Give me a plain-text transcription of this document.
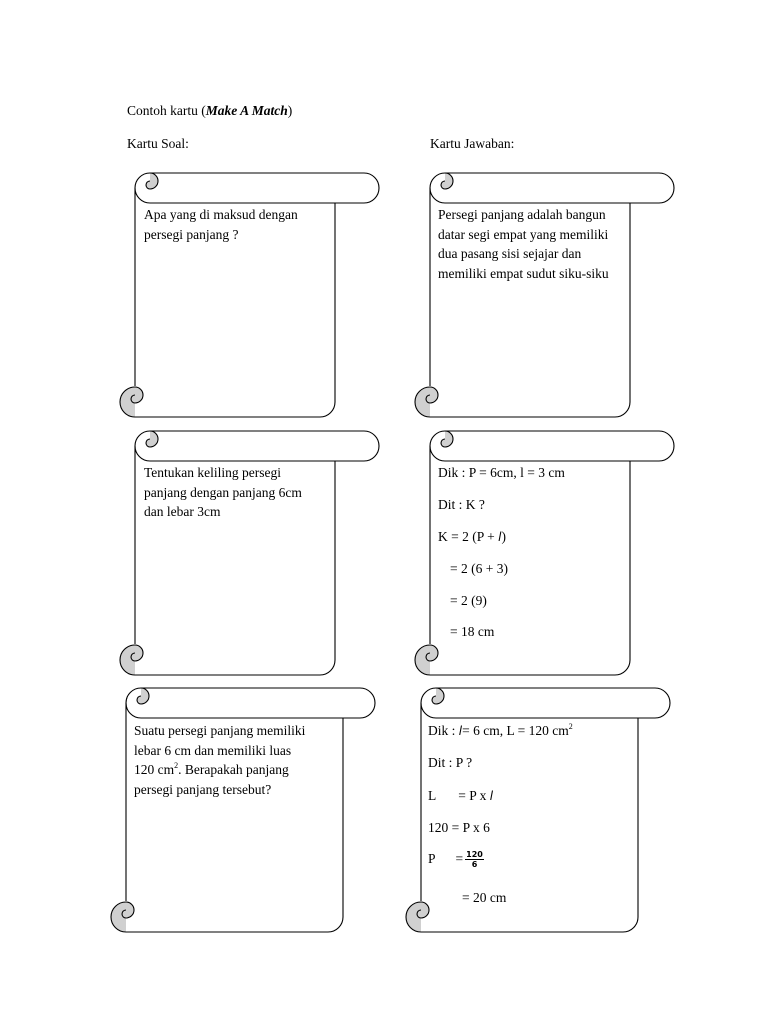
Contoh kartu (Make A Match)
Kartu Soal:	Kartu Jawaban:
Apa yang di maksud dengan
persegi panjang ?
Persegi panjang adalah bangun
datar segi empat yang memiliki
dua pasang sisi sejajar dan
memiliki empat sudut siku-siku
Tentukan keliling persegi
panjang dengan panjang 6cm
dan lebar 3cm
Dik : P = 6cm, l = 3 cm
Dit : K ?
K = 2 (P + l)
= 2 (6 + 3)
= 2 (9)
= 18 cm
Suatu persegi panjang memiliki
lebar 6 cm dan memiliki luas
120 $cm^2$. Berapakah panjang
persegi panjang tersebut?
Dik : l= 6 cm, L = 120 $cm^2$
Dit : P ?
L = P x l
120 = P x 6
$P = \frac{120}{6}$
= 20 cm
